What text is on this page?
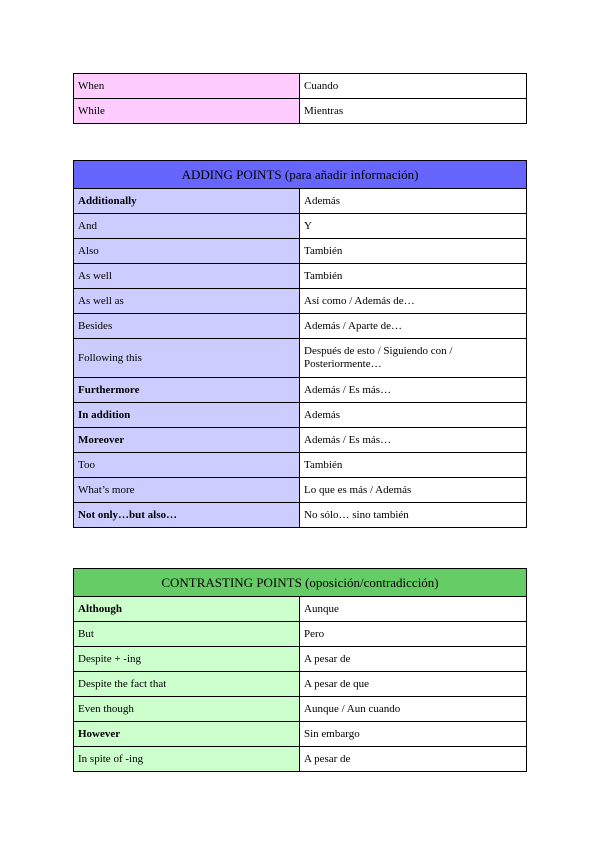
When	Cuando
While	Mientras
ADDING POINTS (para añadir información)	
Additionally	Además
And	Y
Also	También
As well	También
As well as	Así como / Además de…
Besides	Además / Aparte de…
Following this	Después de esto / Siguiendo con / Posteriormente…
Furthermore	Además / Es más…
In addition	Además
Moreover	Además / Es más…
Too	También
What’s more	Lo que es más / Además
Not only…but also…	No sólo… sino también
CONTRASTING POINTS (oposición/contradicción)	
Although	Aunque
But	Pero
Despite + -ing	A pesar de
Despite the fact that	A pesar de que
Even though	Aunque / Aun cuando
However	Sin embargo
In spite of -ing	A pesar de
